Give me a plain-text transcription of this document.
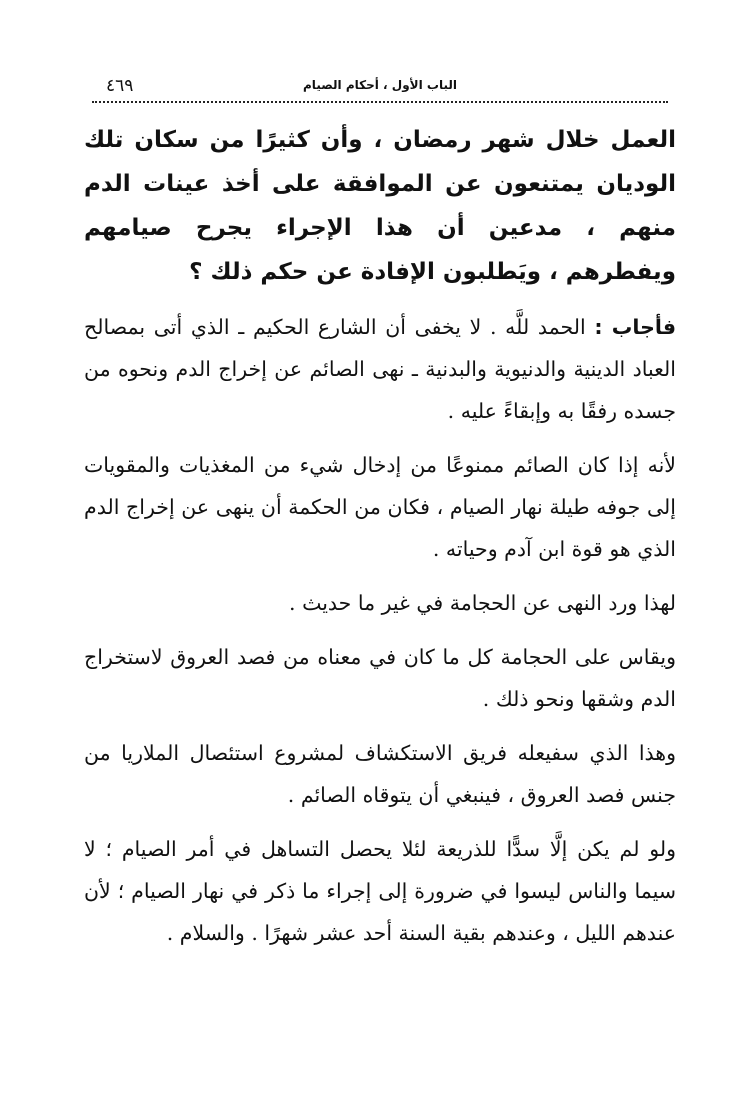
الباب الأول ، أحكام الصيام
٤٦٩

العمل خلال شهر رمضان ، وأن كثيرًا من سكان تلك الوديان يمتنعون عن الموافقة على أخذ عينات الدم منهم ، مدعين أن هذا الإجراء يجرح صيامهم ويفطرهم ، ويَطلبون الإفادة عن حكم ذلك ؟

فأجاب : الحمد للَّه . لا يخفى أن الشارع الحكيم ـ الذي أتى بمصالح العباد الدينية والدنيوية والبدنية ـ نهى الصائم عن إخراج الدم ونحوه من جسده رفقًا به وإبقاءً عليه .

لأنه إذا كان الصائم ممنوعًا من إدخال شيء من المغذيات والمقويات إلى جوفه طيلة نهار الصيام ، فكان من الحكمة أن ينهى عن إخراج الدم الذي هو قوة ابن آدم وحياته .

لهذا ورد النهى عن الحجامة في غير ما حديث .

ويقاس على الحجامة كل ما كان في معناه من فصد العروق لاستخراج الدم وشقها ونحو ذلك .

وهذا الذي سفيعله فريق الاستكشاف لمشروع استئصال الملاريا من جنس فصد العروق ، فينبغي أن يتوقاه الصائم .

ولو لم يكن إلَّا سدًّا للذريعة لئلا يحصل التساهل في أمر الصيام ؛ لا سيما والناس ليسوا في ضرورة إلى إجراء ما ذكر في نهار الصيام ؛ لأن عندهم الليل ، وعندهم بقية السنة أحد عشر شهرًا . والسلام .
